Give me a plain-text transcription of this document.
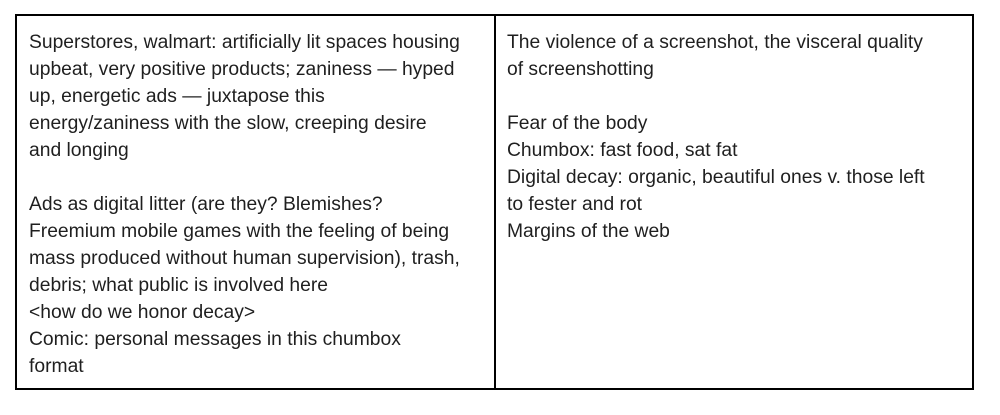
Superstores, walmart: artificially lit spaces housing
upbeat, very positive products; zaniness — hyped
up, energetic ads — juxtapose this
energy/zaniness with the slow, creeping desire
and longing
Ads as digital litter (are they? Blemishes?
Freemium mobile games with the feeling of being
mass produced without human supervision), trash,
debris; what public is involved here
<how do we honor decay>
Comic: personal messages in this chumbox
format
The violence of a screenshot, the visceral quality
of screenshotting
Fear of the body
Chumbox: fast food, sat fat
Digital decay: organic, beautiful ones v. those left
to fester and rot
Margins of the web
